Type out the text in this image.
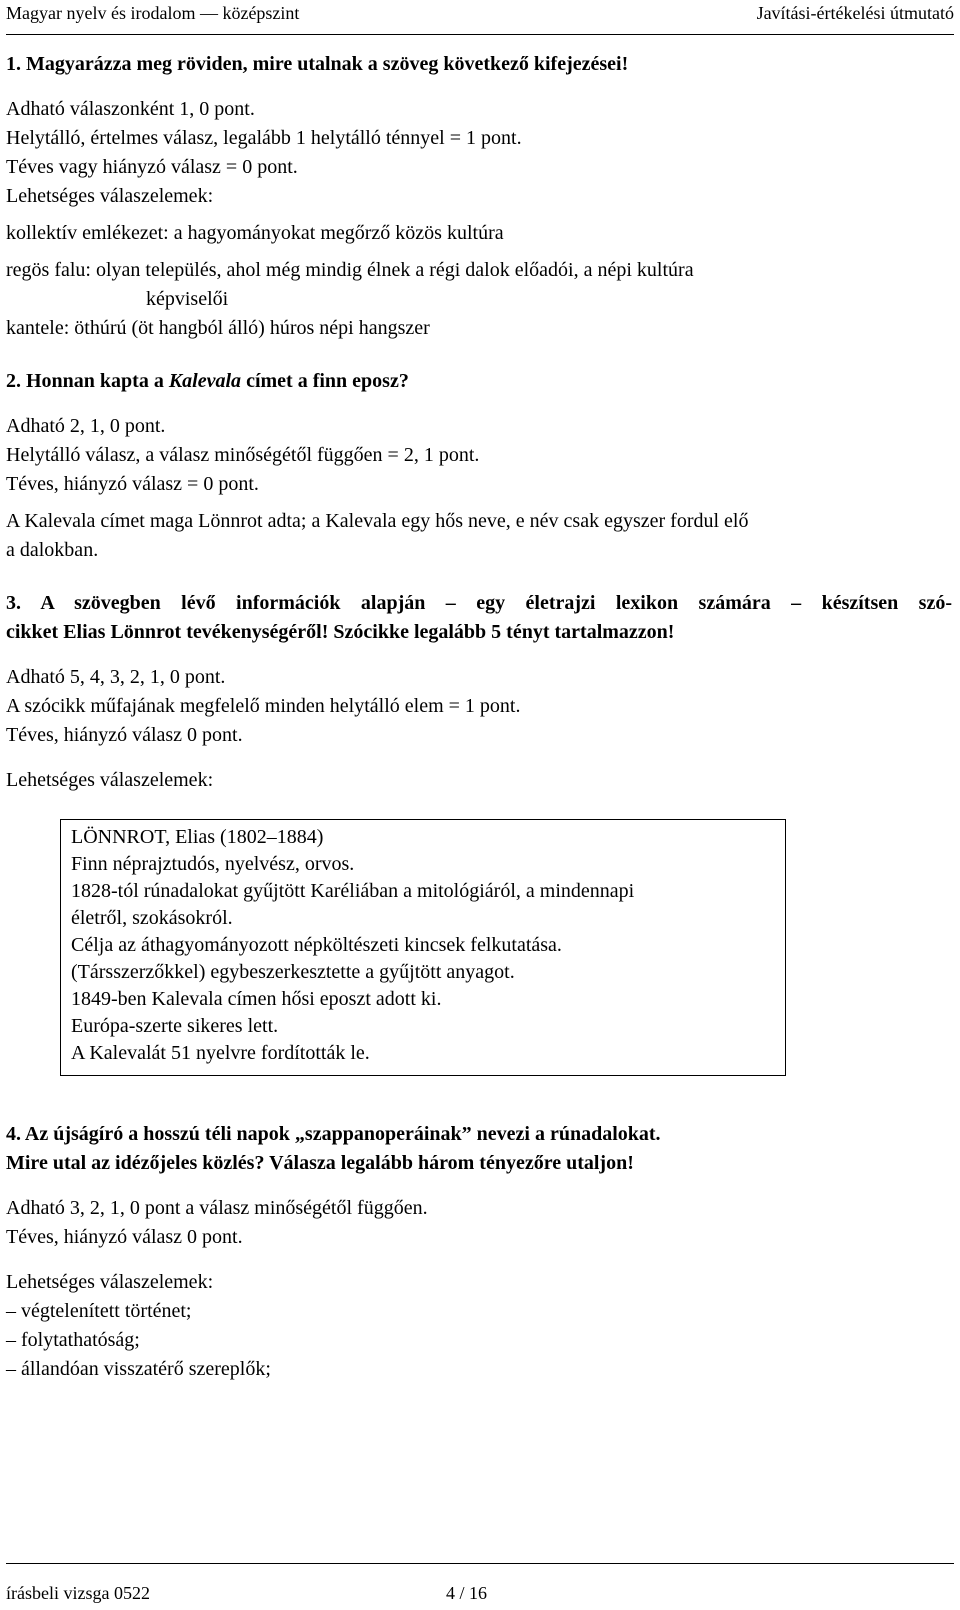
Magyar nyelv és irodalom — középszint	Javítási-értékelési útmutató

1. Magyarázza meg röviden, mire utalnak a szöveg következő kifejezései!

Adható válaszonként 1, 0 pont.

Helytálló, értelmes válasz, legalább 1 helytálló ténnyel = 1 pont.

Téves vagy hiányzó válasz = 0 pont.

Lehetséges válaszelemek:

kollektív emlékezet: a hagyományokat megőrző közös kultúra

regös falu: olyan település, ahol még mindig élnek a régi dalok előadói, a népi kultúra
képviselői

kantele: öthúrú (öt hangból álló) húros népi hangszer

2. Honnan kapta a Kalevala címet a finn eposz?

Adható 2, 1, 0 pont.

Helytálló válasz, a válasz minőségétől függően = 2, 1 pont.

Téves, hiányzó válasz = 0 pont.

A Kalevala címet maga Lönnrot adta; a Kalevala egy hős neve, e név csak egyszer fordul elő

a dalokban.

3. A szövegben lévő információk alapján – egy életrajzi lexikon számára – készítsen szó-

cikket Elias Lönnrot tevékenységéről! Szócikke legalább 5 tényt tartalmazzon!

Adható 5, 4, 3, 2, 1, 0 pont.

A szócikk műfajának megfelelő minden helytálló elem = 1 pont.

Téves, hiányzó válasz 0 pont.

Lehetséges válaszelemek:

LÖNNROT, Elias (1802–1884)

Finn néprajztudós, nyelvész, orvos.

1828-tól rúnadalokat gyűjtött Karéliában a mitológiáról, a mindennapi

életről, szokásokról.

Célja az áthagyományozott népköltészeti kincsek felkutatása.

(Társszerzőkkel) egybeszerkesztette a gyűjtött anyagot.

1849-ben Kalevala címen hősi eposzt adott ki.

Európa-szerte sikeres lett.

A Kalevalát 51 nyelvre fordították le.

4. Az újságíró a hosszú téli napok „szappanoperáinak” nevezi a rúnadalokat.

Mire utal az idézőjeles közlés? Válasza legalább három tényezőre utaljon!

Adható 3, 2, 1, 0 pont a válasz minőségétől függően.

Téves, hiányzó válasz 0 pont.

Lehetséges válaszelemek:

– végtelenített történet;
– folytathatóság;
– állandóan visszatérő szereplők;
írásbeli vizsga 0522	4 / 16
